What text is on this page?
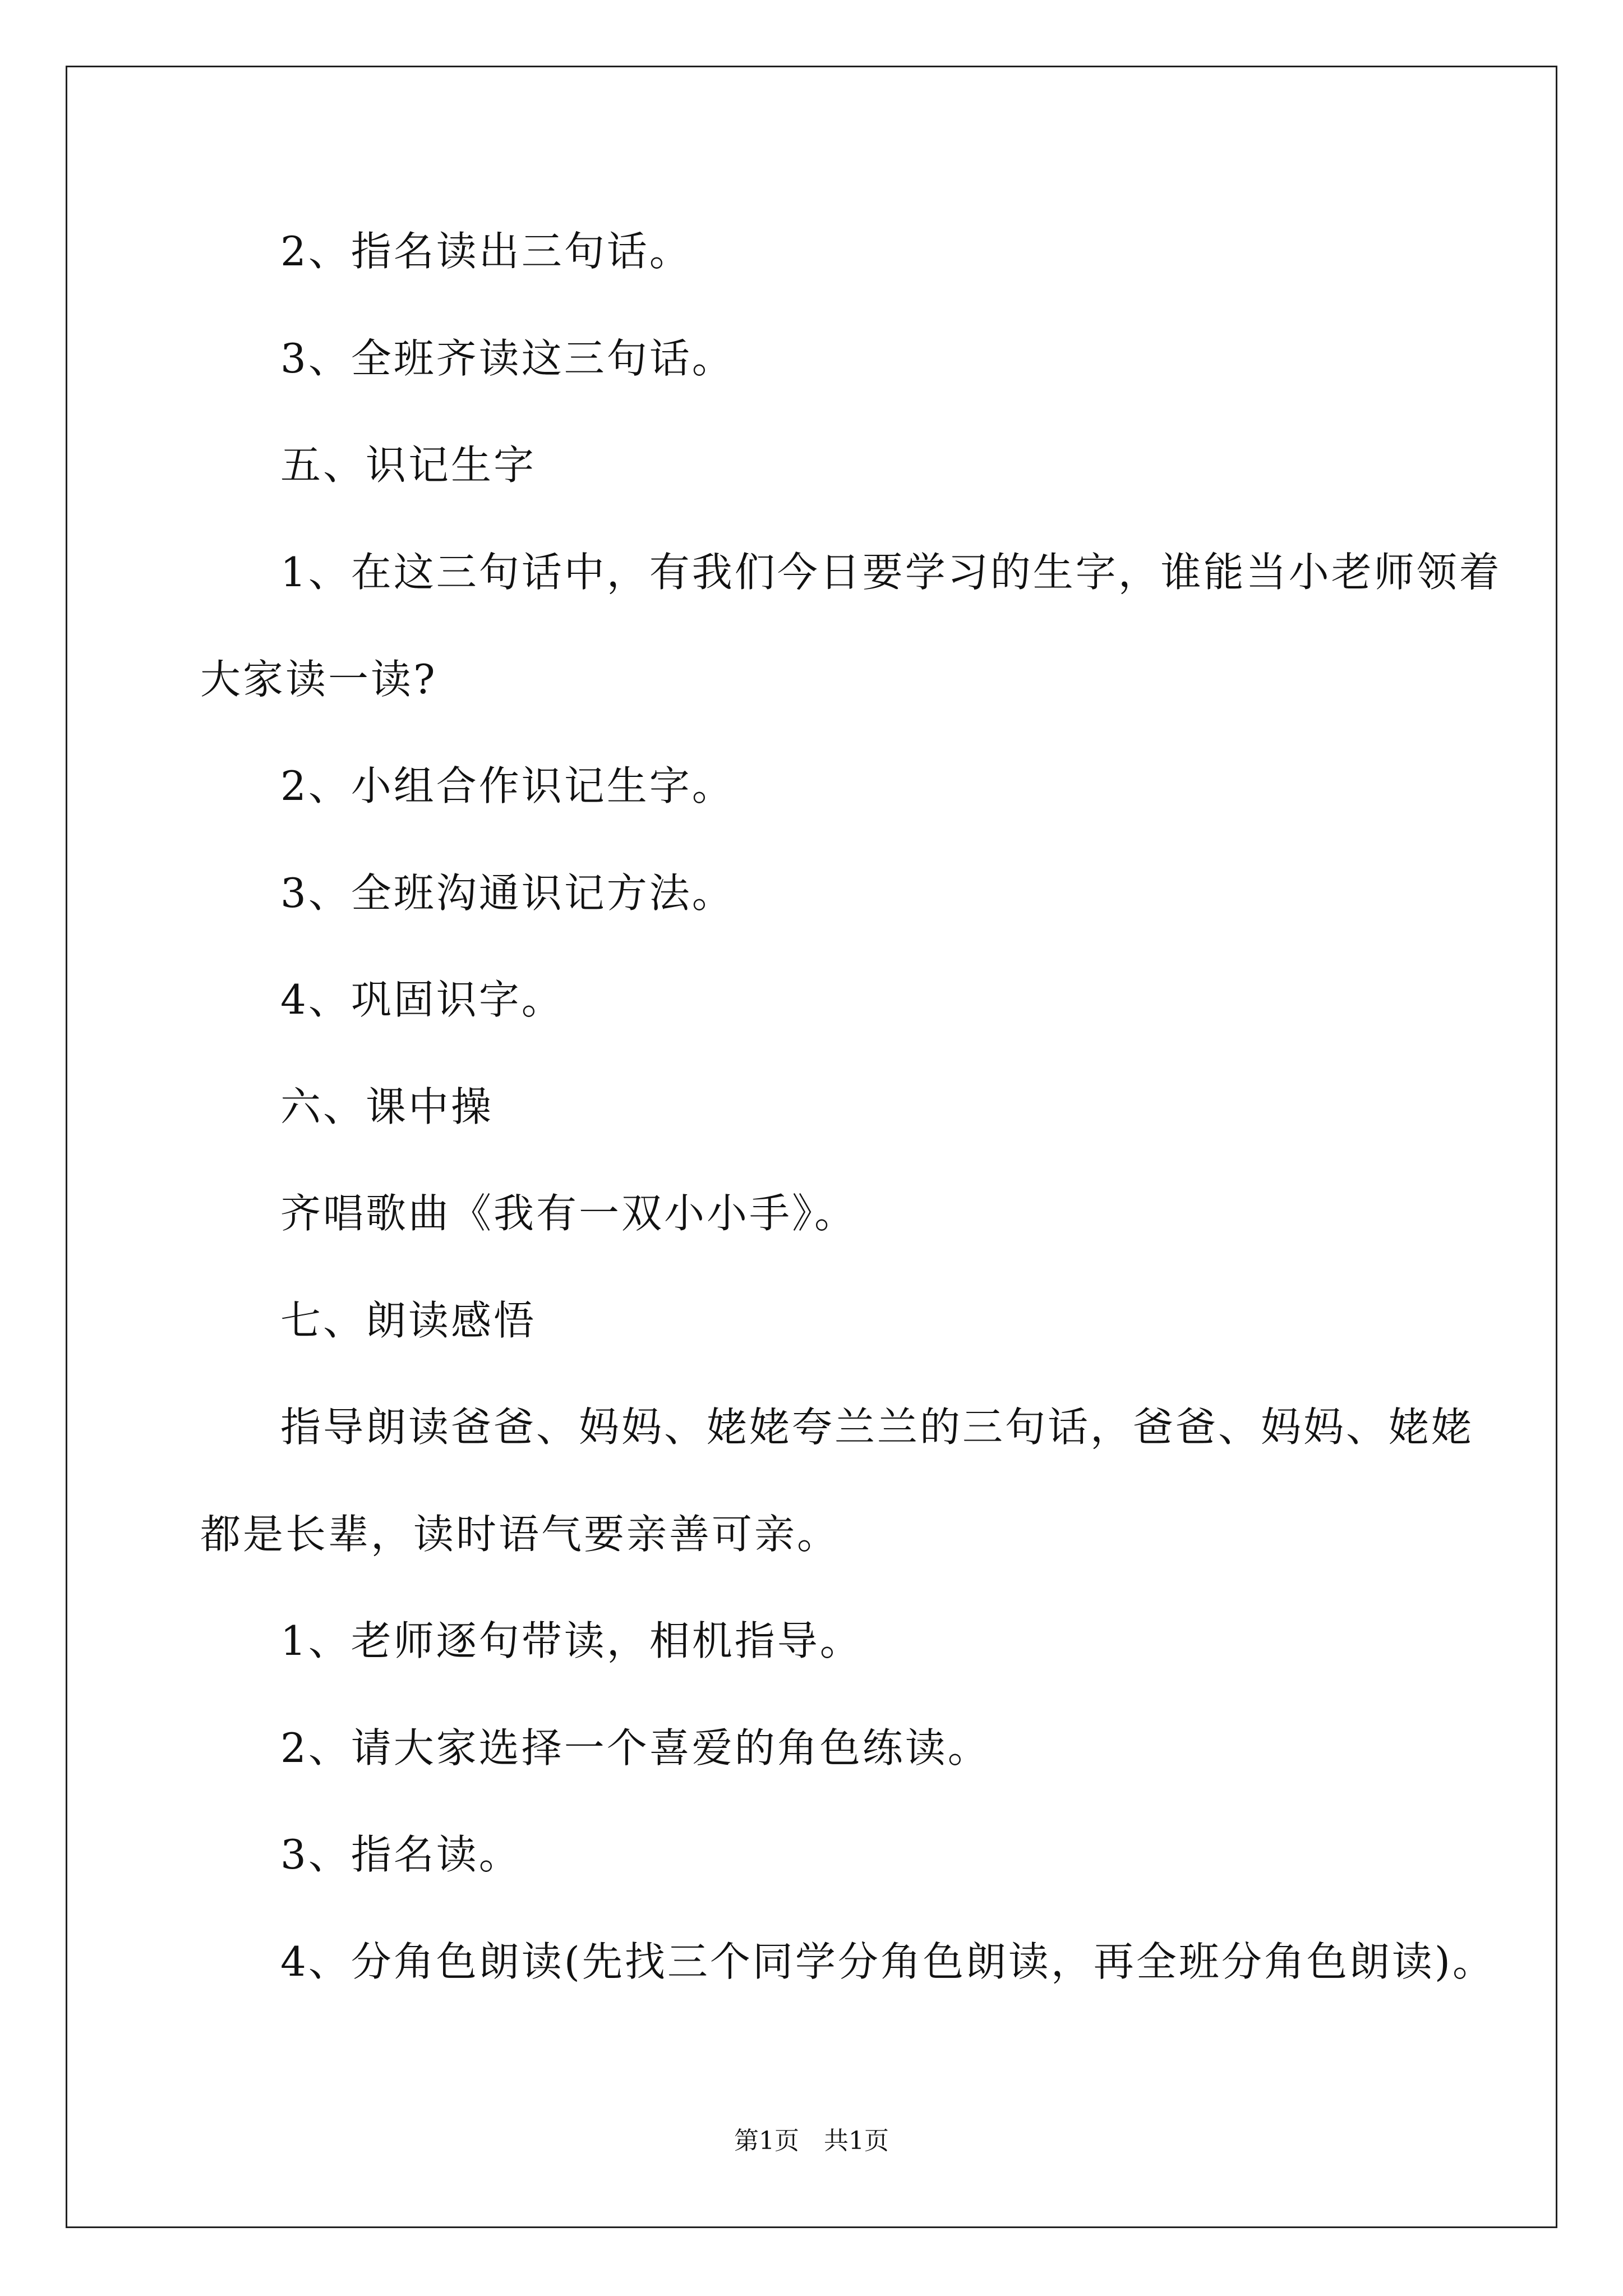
2、指名读出三句话。
3、全班齐读这三句话。
五、识记生字
1、在这三句话中，有我们今日要学习的生字，谁能当小老师领着
大家读一读?
2、小组合作识记生字。
3、全班沟通识记方法。
4、巩固识字。
六、课中操
齐唱歌曲《我有一双小小手》。
七、朗读感悟
指导朗读爸爸、妈妈、姥姥夸兰兰的三句话，爸爸、妈妈、姥姥
都是长辈，读时语气要亲善可亲。
1、老师逐句带读，相机指导。
2、请大家选择一个喜爱的角色练读。
3、指名读。
4、分角色朗读(先找三个同学分角色朗读，再全班分角色朗读)。
第1页 共1页
